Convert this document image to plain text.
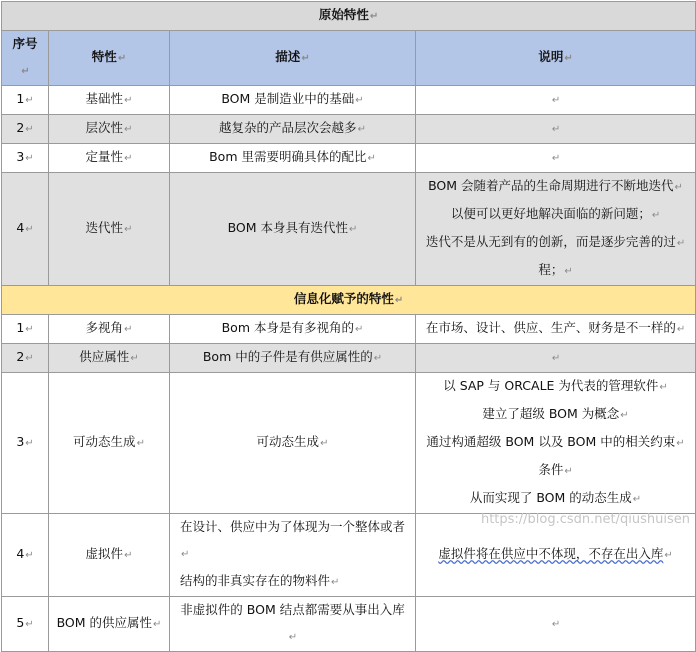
原始特性↵			
序号↵	特性↵	描述↵	说明↵

1↵	基础性↵	BOM 是制造业中的基础↵	↵

2↵	层次性↵	越复杂的产品层次会越多↵	↵

3↵	定量性↵	Bom 里需要明确具体的配比↵	↵

4↵	迭代性↵	BOM 本身具有迭代性↵	BOM 会随着产品的生命周期进行不断地迭代↵
以便可以更好地解决面临的新问题；↵
迭代不是从无到有的创新，而是逐步完善的过↵
程；↵

信息化赋予的特性↵			

1↵	多视角↵	Bom 本身是有多视角的↵	在市场、设计、供应、生产、财务是不一样的↵

2↵	供应属性↵	Bom 中的子件是有供应属性的↵	↵

3↵	可动态生成↵	可动态生成↵	以 SAP 与 ORCALE 为代表的管理软件↵
建立了超级 BOM 为概念↵
通过构通超级 BOM 以及 BOM 中的相关约束↵
条件↵
从而实现了 BOM 的动态生成↵

4↵	虚拟件↵	在设计、供应中为了体现为一个整体或者↵
结构的非真实存在的物料件↵	虚拟件将在供应中不体现，不存在出入库↵

5↵	BOM 的供应属性↵	非虚拟件的 BOM 结点都需要从事出入库↵	↵
https://blog.csdn.net/qiushuisen
